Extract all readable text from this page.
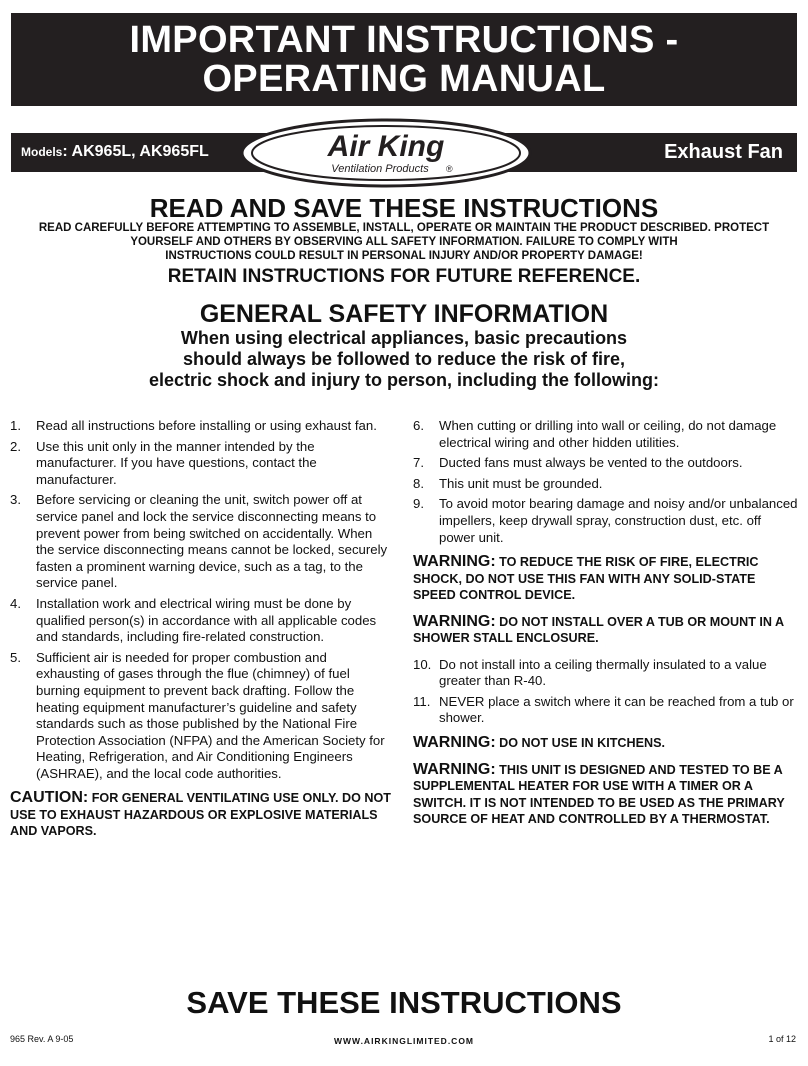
IMPORTANT INSTRUCTIONS -
OPERATING MANUAL
Models: AK965L, AK965FL	Exhaust Fan
Air King
Ventilation Products ®
READ AND SAVE THESE INSTRUCTIONS
READ CAREFULLY BEFORE ATTEMPTING TO ASSEMBLE, INSTALL, OPERATE OR MAINTAIN THE PRODUCT DESCRIBED. PROTECT
YOURSELF AND OTHERS BY OBSERVING ALL SAFETY INFORMATION. FAILURE TO COMPLY WITH
INSTRUCTIONS COULD RESULT IN PERSONAL INJURY AND/OR PROPERTY DAMAGE!
RETAIN INSTRUCTIONS FOR FUTURE REFERENCE.
GENERAL SAFETY INFORMATION
When using electrical appliances, basic precautions
should always be followed to reduce the risk of fire,
electric shock and injury to person, including the following:
1. Read all instructions before installing or using exhaust fan.
2. Use this unit only in the manner intended by the manufacturer. If you have questions, contact the manufacturer.
3. Before servicing or cleaning the unit, switch power off at service panel and lock the service disconnecting means to prevent power from being switched on accidentally. When the service disconnecting means cannot be locked, securely fasten a prominent warning device, such as a tag, to the service panel.
4. Installation work and electrical wiring must be done by qualified person(s) in accordance with all applicable codes and standards, including fire-related construction.
5. Sufficient air is needed for proper combustion and exhausting of gases through the flue (chimney) of fuel burning equipment to prevent back drafting. Follow the heating equipment manufacturer’s guideline and safety standards such as those published by the National Fire Protection Association (NFPA) and the American Society for Heating, Refrigeration, and Air Conditioning Engineers (ASHRAE), and the local code authorities.
CAUTION: FOR GENERAL VENTILATING USE ONLY. DO NOT USE TO EXHAUST HAZARDOUS OR EXPLOSIVE MATERIALS AND VAPORS.
6. When cutting or drilling into wall or ceiling, do not damage electrical wiring and other hidden utilities.
7. Ducted fans must always be vented to the outdoors.
8. This unit must be grounded.
9. To avoid motor bearing damage and noisy and/or unbalanced impellers, keep drywall spray, construction dust, etc. off power unit.
WARNING: TO REDUCE THE RISK OF FIRE, ELECTRIC SHOCK, DO NOT USE THIS FAN WITH ANY SOLID-STATE SPEED CONTROL DEVICE.
WARNING: DO NOT INSTALL OVER A TUB OR MOUNT IN A SHOWER STALL ENCLOSURE.
10. Do not install into a ceiling thermally insulated to a value greater than R-40.
11. NEVER place a switch where it can be reached from a tub or shower.
WARNING: DO NOT USE IN KITCHENS.
WARNING: THIS UNIT IS DESIGNED AND TESTED TO BE A SUPPLEMENTAL HEATER FOR USE WITH A TIMER OR A SWITCH. IT IS NOT INTENDED TO BE USED AS THE PRIMARY SOURCE OF HEAT AND CONTROLLED BY A THERMOSTAT.
SAVE THESE INSTRUCTIONS
965 Rev. A 9-05	WWW.AIRKINGLIMITED.COM	1 of 12
